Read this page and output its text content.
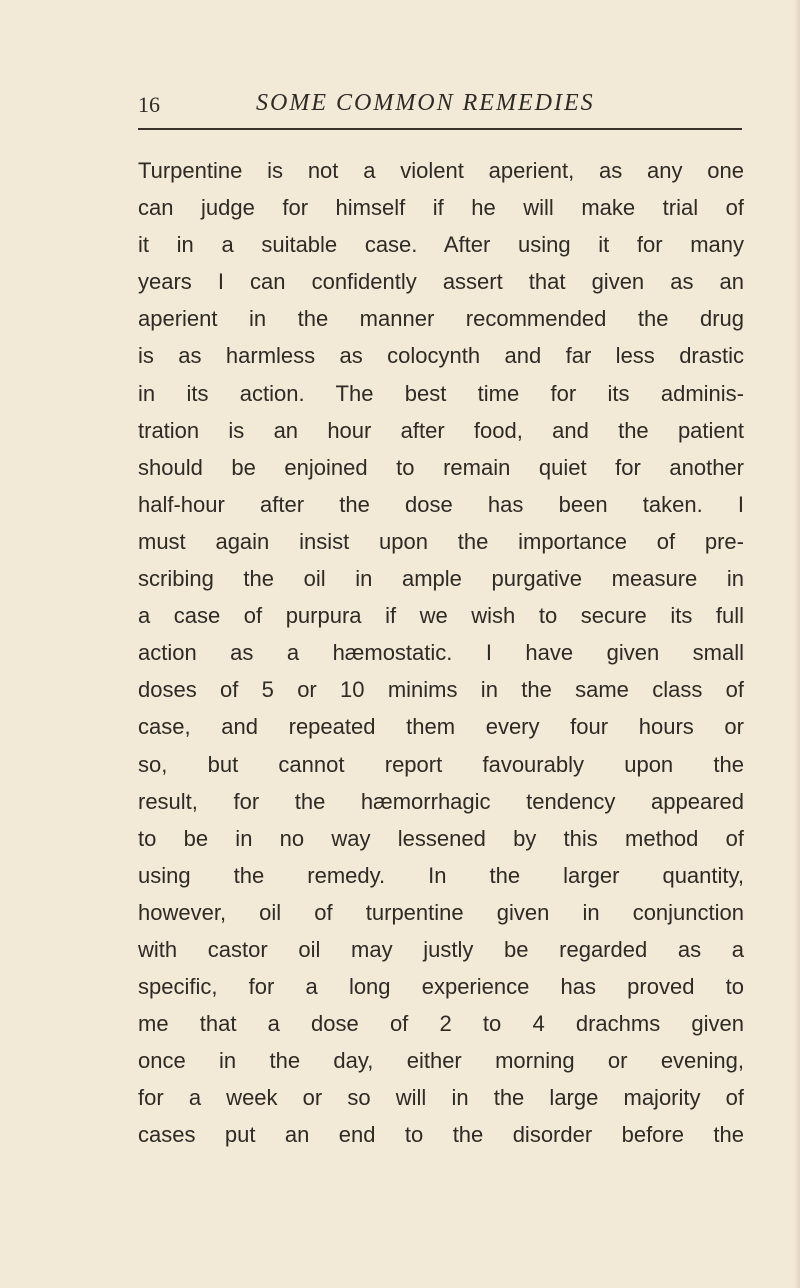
16	SOME COMMON REMEDIES
Turpentine is not a violent aperient, as any one
can judge for himself if he will make trial of
it in a suitable case. After using it for many
years I can confidently assert that given as an
aperient in the manner recommended the drug
is as harmless as colocynth and far less drastic
in its action. The best time for its adminis-
tration is an hour after food, and the patient
should be enjoined to remain quiet for another
half-hour after the dose has been taken. I
must again insist upon the importance of pre-
scribing the oil in ample purgative measure in
a case of purpura if we wish to secure its full
action as a hæmostatic. I have given small
doses of 5 or 10 minims in the same class of
case, and repeated them every four hours or
so, but cannot report favourably upon the
result, for the hæmorrhagic tendency appeared
to be in no way lessened by this method of
using the remedy. In the larger quantity,
however, oil of turpentine given in conjunction
with castor oil may justly be regarded as a
specific, for a long experience has proved to
me that a dose of 2 to 4 drachms given
once in the day, either morning or evening,
for a week or so will in the large majority of
cases put an end to the disorder before the
